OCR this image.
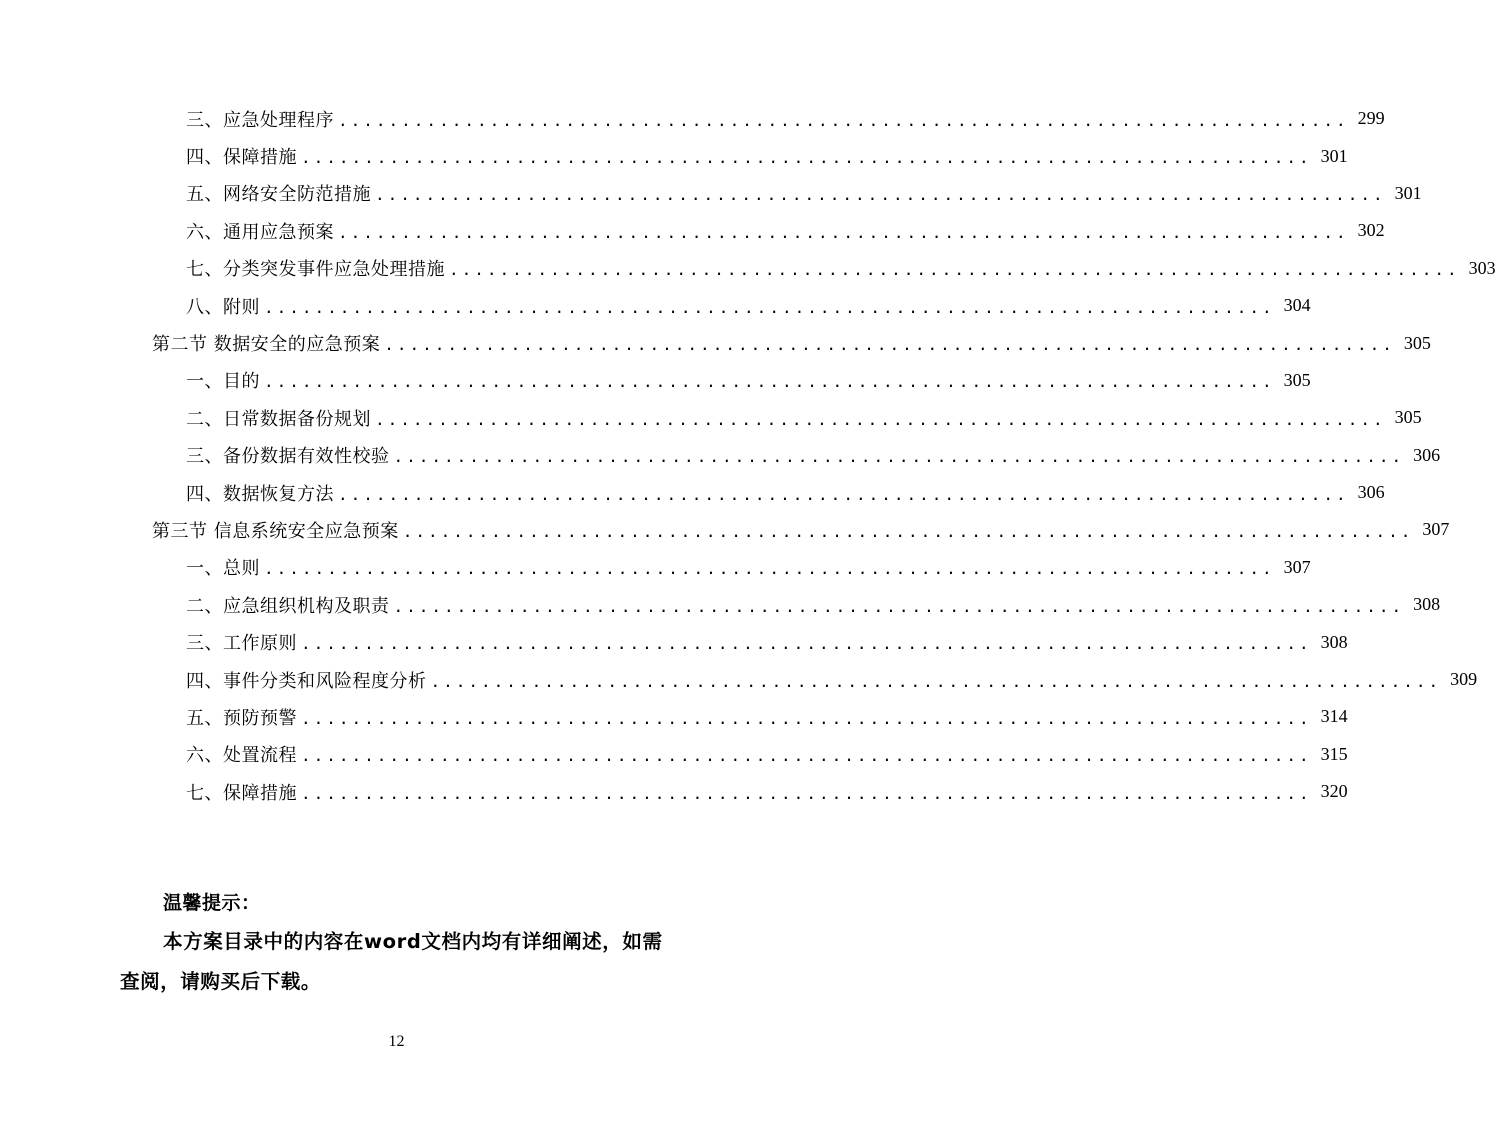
三、应急处理程序 ................................................................................ 299
四、保障措施 ................................................................................ 301
五、网络安全防范措施 ................................................................................ 301
六、通用应急预案 ................................................................................ 302
七、分类突发事件应急处理措施 ................................................................................ 303
八、附则 ................................................................................ 304
第二节 数据安全的应急预案 ................................................................................ 305
一、目的 ................................................................................ 305
二、日常数据备份规划 ................................................................................ 305
三、备份数据有效性校验 ................................................................................ 306
四、数据恢复方法 ................................................................................ 306
第三节 信息系统安全应急预案 ................................................................................ 307
一、总则 ................................................................................ 307
二、应急组织机构及职责 ................................................................................ 308
三、工作原则 ................................................................................ 308
四、事件分类和风险程度分析 ................................................................................ 309
五、预防预警 ................................................................................ 314
六、处置流程 ................................................................................ 315
七、保障措施 ................................................................................ 320
温馨提示：
本方案目录中的内容在word文档内均有详细阐述，如需查阅，请购买后下载。
12
